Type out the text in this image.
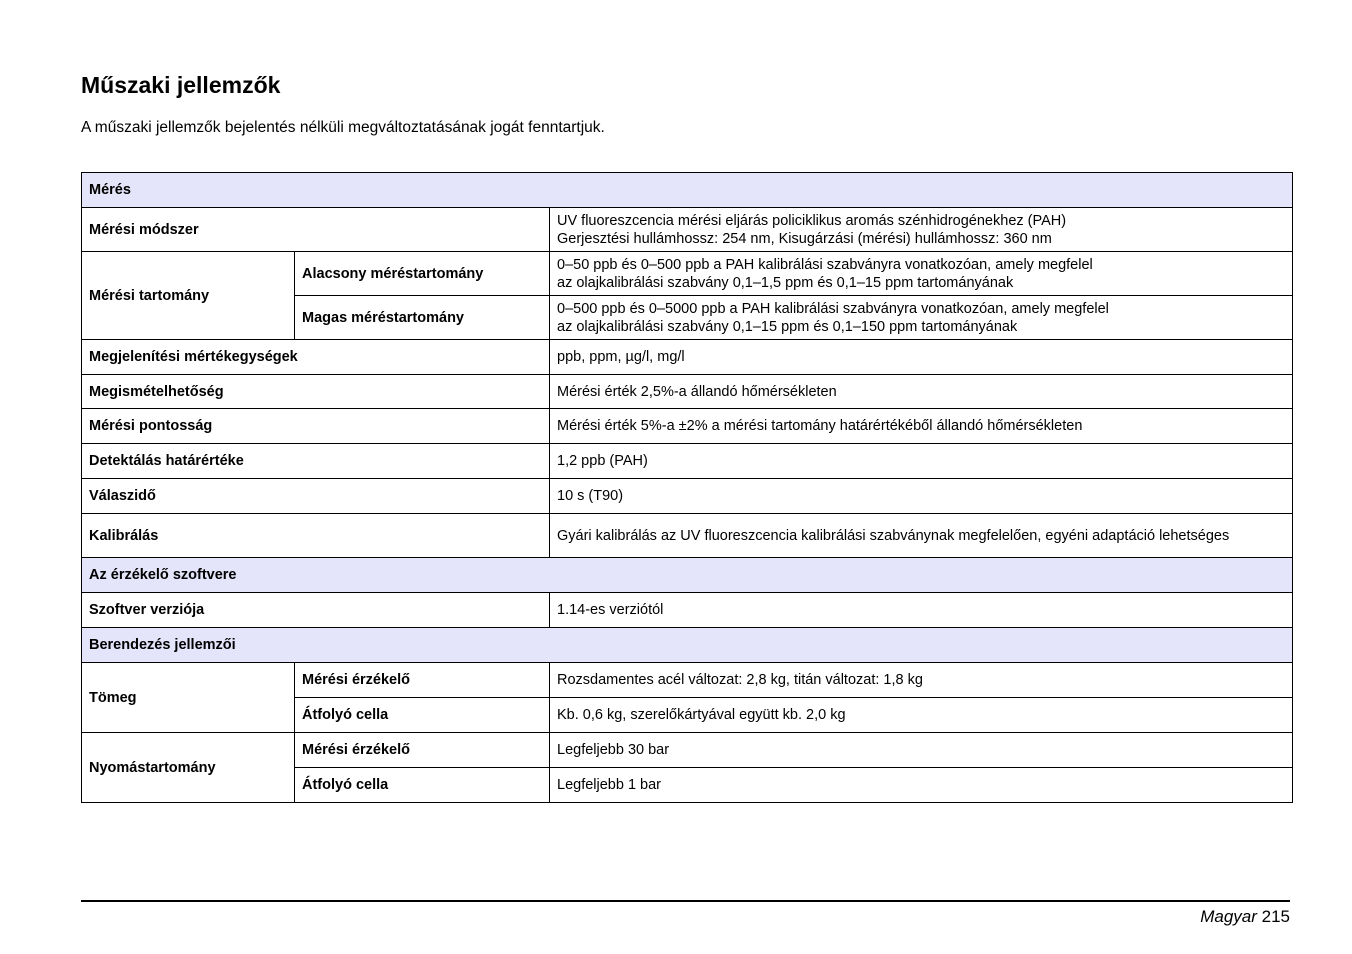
Műszaki jellemzők

A műszaki jellemzők bejelentés nélküli megváltoztatásának jogát fenntartjuk.

Mérés		
Mérési módszer		UV fluoreszcencia mérési eljárás policiklikus aromás szénhidrogénekhez (PAH)
Gerjesztési hullámhossz: 254 nm, Kisugárzási (mérési) hullámhossz: 360 nm

Mérési tartomány	Alacsony méréstartomány	0–50 ppb és 0–500 ppb a PAH kalibrálási szabványra vonatkozóan, amely megfelel
az olajkalibrálási szabvány 0,1–1,5 ppm és 0,1–15 ppm tartományának

	Magas méréstartomány	0–500 ppb és 0–5000 ppb a PAH kalibrálási szabványra vonatkozóan, amely megfelel
az olajkalibrálási szabvány 0,1–15 ppm és 0,1–150 ppm tartományának

Megjelenítési mértékegységek		ppb, ppm, µg/l, mg/l
Megismételhetőség		Mérési érték 2,5%-a állandó hőmérsékleten
Mérési pontosság		Mérési érték 5%-a ±2% a mérési tartomány határértékéből állandó hőmérsékleten
Detektálás határértéke		1,2 ppb (PAH)
Válaszidő		10 s (T90)
Kalibrálás		Gyári kalibrálás az UV fluoreszcencia kalibrálási szabványnak megfelelően, egyéni adaptáció lehetséges
Az érzékelő szoftvere		
Szoftver verziója		1.14-es verziótól
Berendezés jellemzői		
Tömeg	Mérési érzékelő	Rozsdamentes acél változat: 2,8 kg, titán változat: 1,8 kg
	Átfolyó cella	Kb. 0,6 kg, szerelőkártyával együtt kb. 2,0 kg
Nyomástartomány	Mérési érzékelő	Legfeljebb 30 bar
	Átfolyó cella	Legfeljebb 1 bar
Magyar 215
